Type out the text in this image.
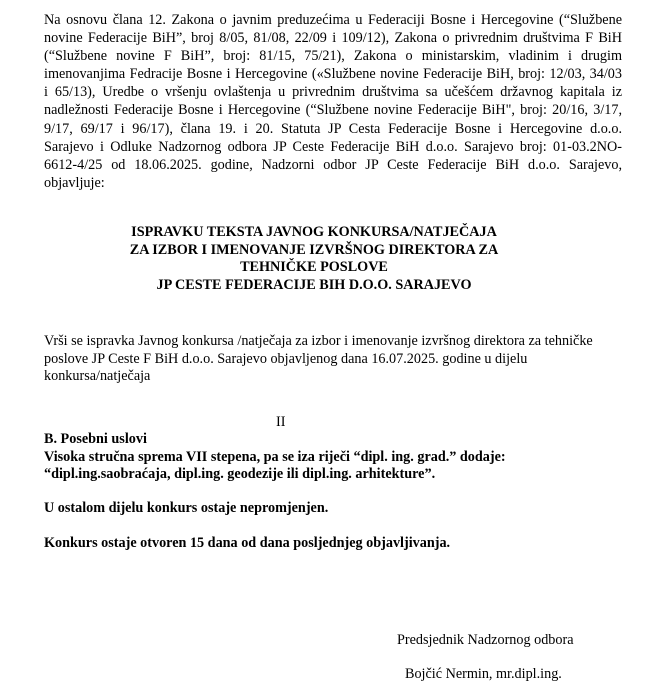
Na osnovu člana 12. Zakona o javnim preduzećima u Federaciji Bosne i Hercegovine (“Službene
novine Federacije BiH”, broj 8/05, 81/08, 22/09 i 109/12), Zakona o privrednim društvima F BiH
(“Službene novine F BiH”, broj: 81/15, 75/21), Zakona o ministarskim, vladinim i drugim
imenovanjima Fedracije Bosne i Hercegovine («Službene novine Federacije BiH, broj: 12/03, 34/03
i 65/13), Uredbe o vršenju ovlaštenja u privrednim društvima sa učešćem državnog kapitala iz
nadležnosti Federacije Bosne i Hercegovine (“Službene novine Federacije BiH", broj: 20/16, 3/17,
9/17, 69/17 i 96/17), člana 19. i 20. Statuta JP Cesta Federacije Bosne i Hercegovine d.o.o.
Sarajevo i Odluke Nadzornog odbora JP Ceste Federacije BiH d.o.o. Sarajevo broj: 01-03.2NO-
6612-4/25 od 18.06.2025. godine, Nadzorni odbor JP Ceste Federacije BiH d.o.o. Sarajevo,
objavljuje:
ISPRAVKU TEKSTA JAVNOG KONKURSA/NATJEČAJA
ZA IZBOR I IMENOVANJE IZVRŠNOG DIREKTORA ZA
TEHNIČKE POSLOVE
JP CESTE FEDERACIJE BIH D.O.O. SARAJEVO
Vrši se ispravka Javnog konkursa /natječaja za izbor i imenovanje izvršnog direktora za tehničke
poslove JP Ceste F BiH d.o.o. Sarajevo objavljenog dana 16.07.2025. godine u dijelu
konkursa/natječaja
II
B. Posebni uslovi
Visoka stručna sprema VII stepena, pa se iza riječi “dipl. ing. grad.” dodaje:
“dipl.ing.saobraćaja, dipl.ing. geodezije ili dipl.ing. arhitekture”.
U ostalom dijelu konkurs ostaje nepromjenjen.
Konkurs ostaje otvoren 15 dana od dana posljednjeg objavljivanja.
Predsjednik Nadzornog odbora
Bojčić Nermin, mr.dipl.ing.
